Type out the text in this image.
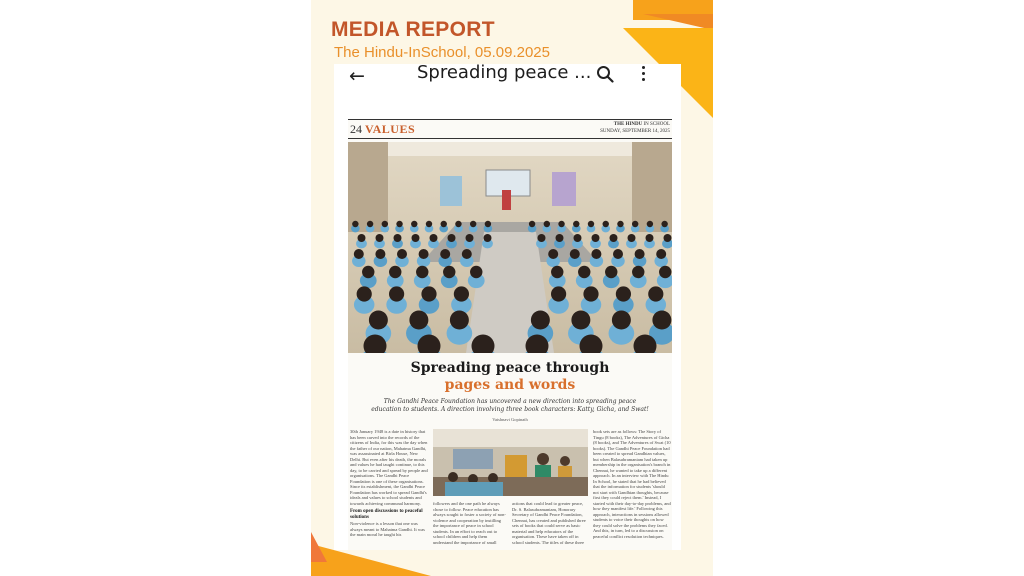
MEDIA REPORT
The Hindu-InSchool, 05.09.2025
←	Spreading peace ...
24 VALUES	THE HINDU IN SCHOOL
SUNDAY, SEPTEMBER 14, 2025
Spreading peace through
pages and words
The Gandhi Peace Foundation has uncovered a new direction into spreading peace education to students. A direction involving three book characters: Katty, Gicha, and Swat!
Vaishnavi Gopinath
30th January 1948 is a date in history that has been carved into the records of the citizens of India, for this was the day when the father of our nation, Mahatma Gandhi, was assassinated at Birla House, New Delhi. But even after his death, the morals and values he had taught continue, to this day, to be carried and spread by people and organisations. The Gandhi Peace Foundation is one of these organisations. Since its establishment, the Gandhi Peace Foundation has worked to spread Gandhi's ideals and values to school students and towards achieving communal harmony.
From open discussions to peaceful solutions
Non-violence is a lesson that one was always meant to Mahatma Gandhi. It was the main moral he taught his
followers and the one path he always chose to follow. Peace education has always sought to foster a society of non-violence and cooperation by instilling the importance of peace in school students. In an effort to reach out to school children and help them understand the importance of small
actions that could lead to greater peace, Dr. S. Balasubramaniam, Honorary Secretary of Gandhi Peace Foundation, Chennai, has created and published three sets of books that could serve as basic material and help educators of the organisation. These have taken off in school students. The titles of these three
book sets are as follows: The Story of Tingu (8 books), The Adventures of Gicha (8 books), and The Adventures of Swat (10 books). The Gandhi Peace Foundation had been created to spread Gandhian values, but when Balasubramaniam had taken up membership in the organisation's branch in Chennai, he wanted to take up a different approach. In an interview with The Hindu In School, he stated that he had believed that the information for students 'should not start with Gandhian thoughts, because first they could reject them.' Instead, I started with their day-to-day problems, and how they manifest life.' Following this approach, interactions in sessions allowed students to voice their thoughts on how they could solve the problems they faced. And this, in turn, led to a discussion on peaceful conflict resolution techniques.
